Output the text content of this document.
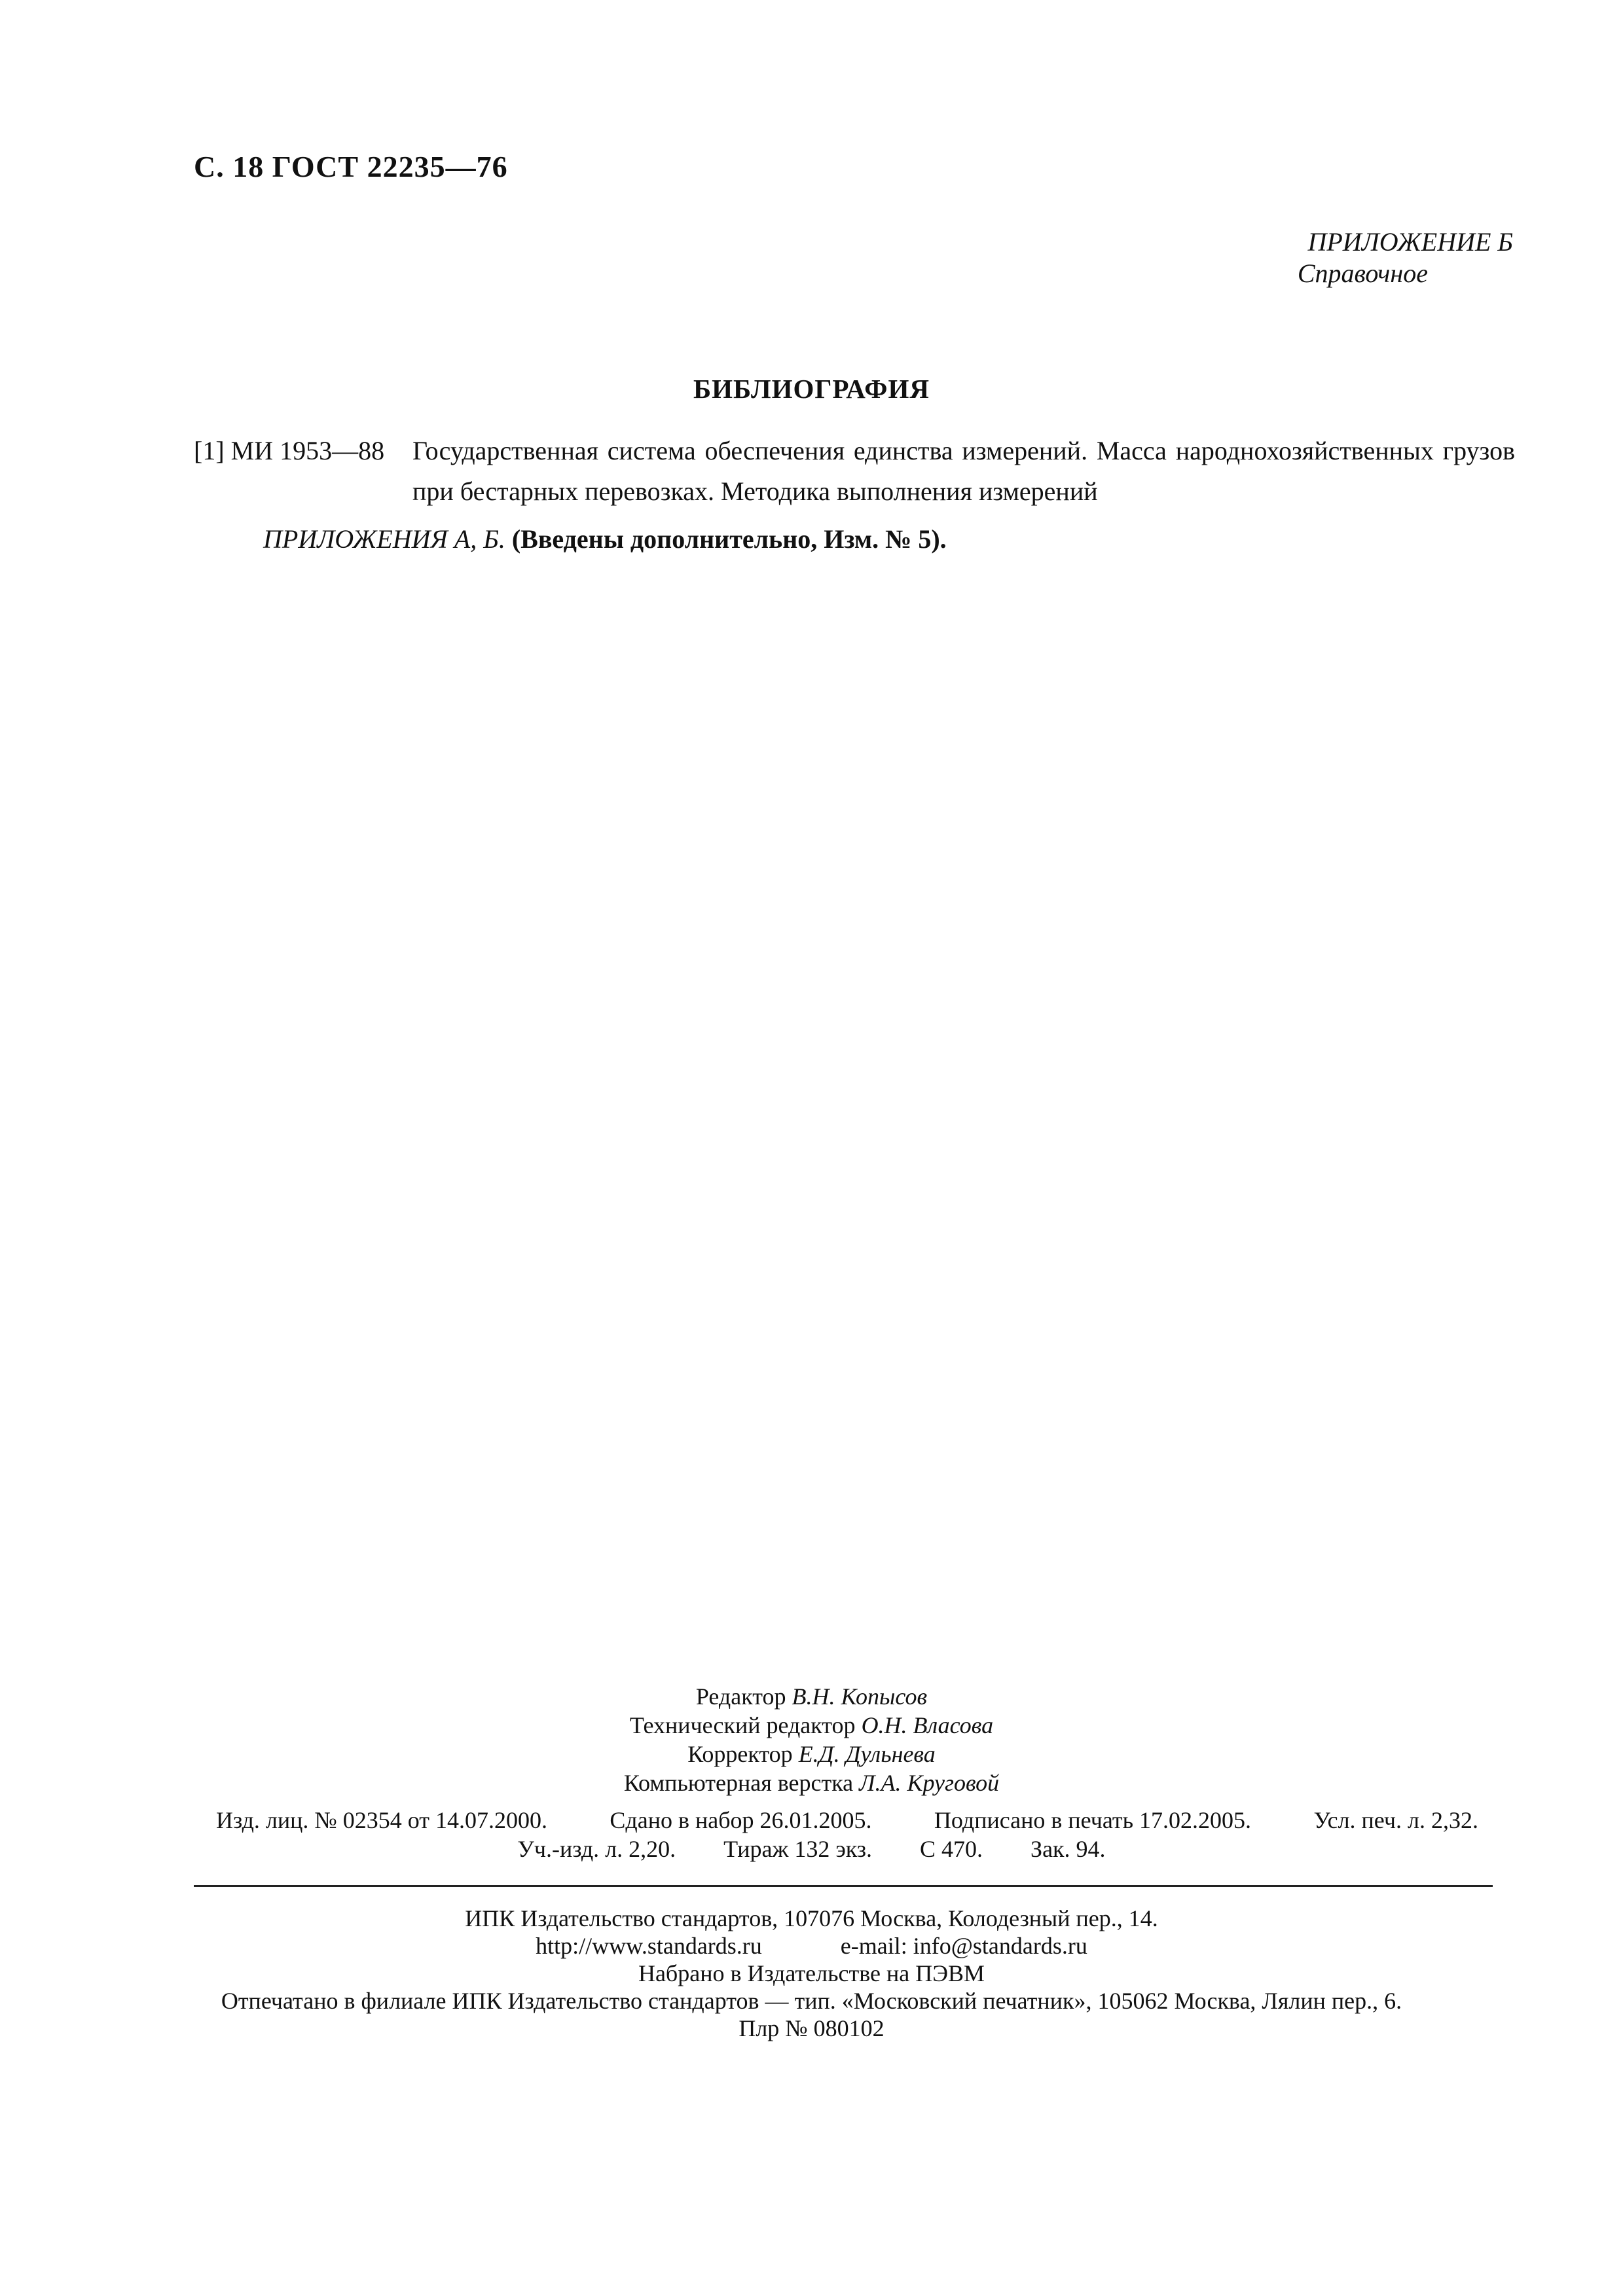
С. 18 ГОСТ 22235—76
ПРИЛОЖЕНИЕ Б
Справочное
БИБЛИОГРАФИЯ
[1] МИ 1953—88 Государственная система обеспечения единства измерений. Масса народнохозяйственных грузов при бестарных перевозках. Методика выполнения измерений
ПРИЛОЖЕНИЯ А, Б. (Введены дополнительно, Изм. № 5).
Редактор В.Н. Копысов
Технический редактор О.Н. Власова
Корректор Е.Д. Дульнева
Компьютерная верстка Л.А. Круговой
Изд. лиц. № 02354 от 14.07.2000.	Сдано в набор 26.01.2005.	Подписано в печать 17.02.2005.	Усл. печ. л. 2,32.
Уч.-изд. л. 2,20. Тираж 132 экз. С 470. Зак. 94.
ИПК Издательство стандартов, 107076 Москва, Колодезный пер., 14.
http://www.standards.ru	e-mail: info@standards.ru
Набрано в Издательстве на ПЭВМ
Отпечатано в филиале ИПК Издательство стандартов — тип. «Московский печатник», 105062 Москва, Лялин пер., 6.
Плр № 080102
